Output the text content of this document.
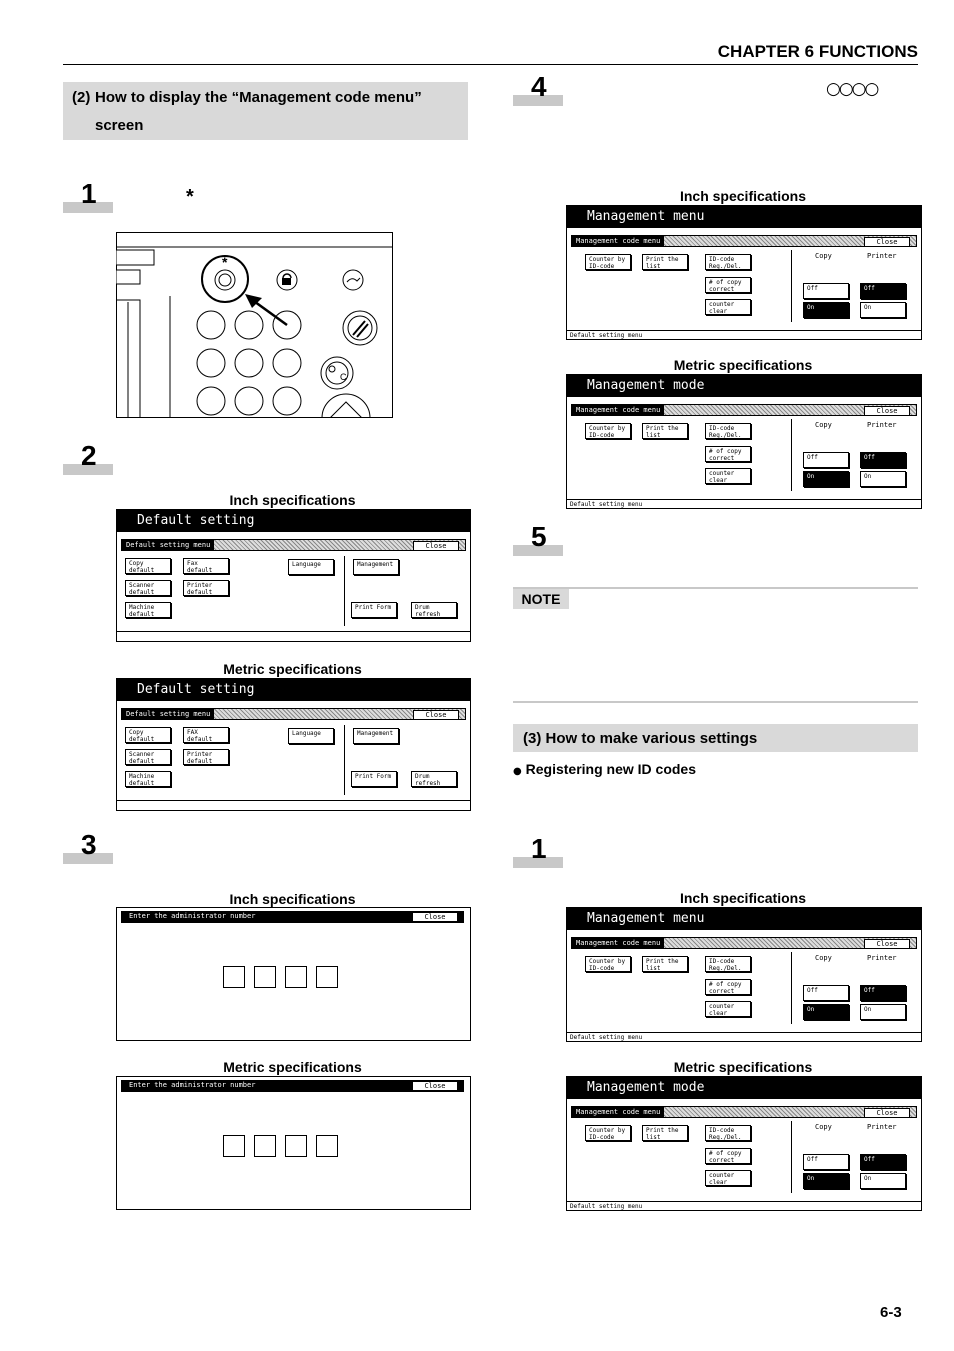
CHAPTER 6 FUNCTIONS
(2) How to display the “Management code menu”
screen
1	*
*
C
2
Inch specifications
Default setting
Default setting menu	Close
Copy default
Fax default
Scanner default
Printer default
Machine default
Language	Management
Print Form	Drum refresh
Metric specifications
Default setting
Default setting menu	Close
Copy default
FAX default
Scanner default
Printer default
Machine default
Language	Management
Print Form	Drum refresh
3
Inch specifications
Enter the administrator number	Close
Metric specifications
Enter the administrator number	Close
4	○○○○
Inch specifications
Management menu
Management code menu	Close
Counter by ID-code
Print the list
ID-code Reg./Del.
# of copy correct
counter clear
Copy	Printer
Off
On
Off
On
Default setting menu
Metric specifications
Management mode
Management code menu	Close
Counter by ID-code
Print the list
ID-code Reg./Del.
# of copy correct
counter clear
Copy	Printer
Off
On
Off
On
Default setting menu
5
NOTE
(3) How to make various settings
● Registering new ID codes
1
Inch specifications
Management menu
Management code menu	Close
Counter by ID-code
Print the list
ID-code Reg./Del.
# of copy correct
counter clear
Copy	Printer
Off
On
Off
On
Default setting menu
Metric specifications
Management mode
Management code menu	Close
Counter by ID-code
Print the list
ID-code Reg./Del.
# of copy correct
counter clear
Copy	Printer
Off
On
Off
On
Default setting menu
6-3
